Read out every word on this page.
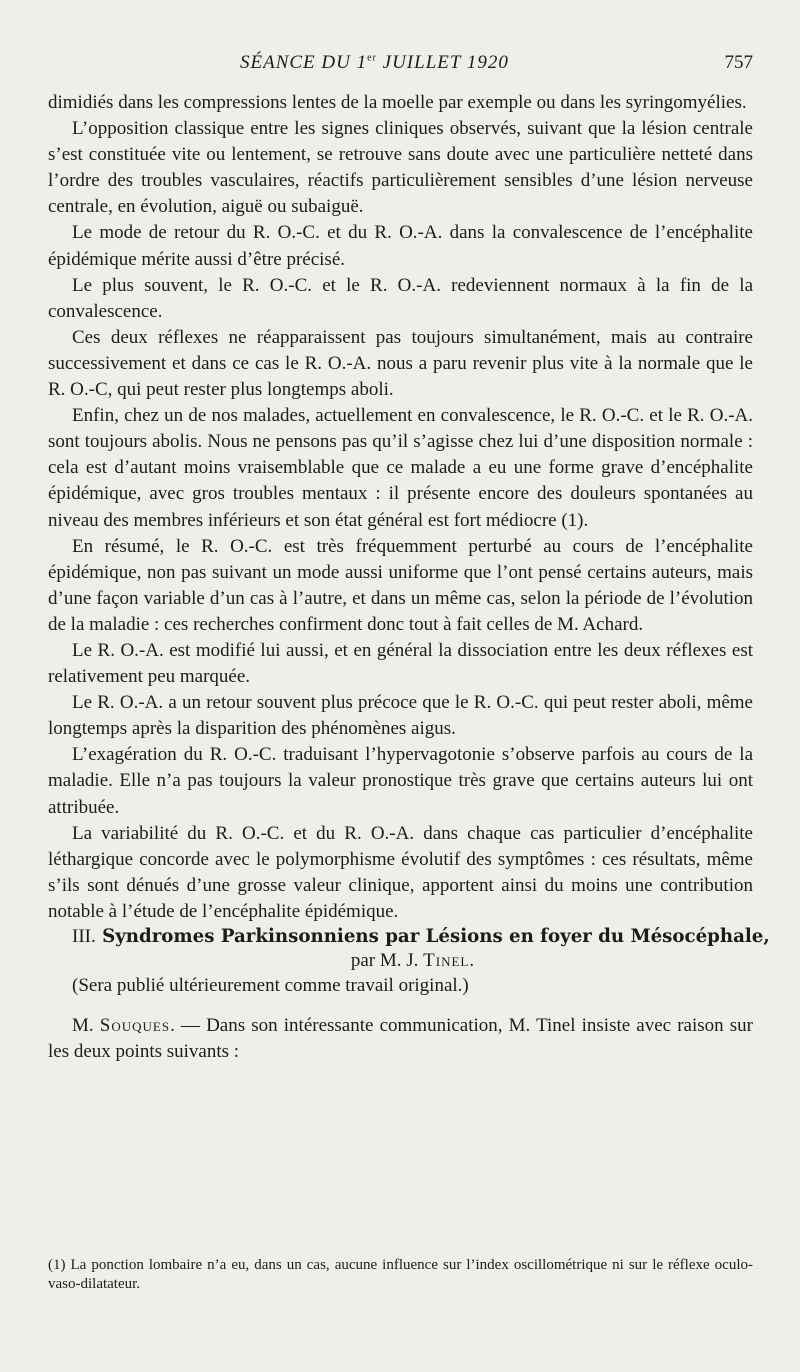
SÉANCE DU 1er JUILLET 1920	757

dimidiés dans les compressions lentes de la moelle par exemple ou dans les syringomyélies.

L’opposition classique entre les signes cliniques observés, suivant que la lésion centrale s’est constituée vite ou lentement, se retrouve sans doute avec une particulière netteté dans l’ordre des troubles vasculaires, réactifs particulièrement sensibles d’une lésion nerveuse centrale, en évolution, aiguë ou subaiguë.

Le mode de retour du R. O.-C. et du R. O.-A. dans la convalescence de l’encéphalite épidémique mérite aussi d’être précisé.

Le plus souvent, le R. O.-C. et le R. O.-A. redeviennent normaux à la fin de la convalescence.

Ces deux réflexes ne réapparaissent pas toujours simultanément, mais au contraire successivement et dans ce cas le R. O.-A. nous a paru revenir plus vite à la normale que le R. O.-C, qui peut rester plus longtemps aboli.

Enfin, chez un de nos malades, actuellement en convalescence, le R. O.-C. et le R. O.-A. sont toujours abolis. Nous ne pensons pas qu’il s’agisse chez lui d’une disposition normale : cela est d’autant moins vraisemblable que ce malade a eu une forme grave d’encéphalite épidémique, avec gros troubles mentaux : il présente encore des douleurs spontanées au niveau des membres inférieurs et son état général est fort médiocre (1).

En résumé, le R. O.-C. est très fréquemment perturbé au cours de l’encéphalite épidémique, non pas suivant un mode aussi uniforme que l’ont pensé certains auteurs, mais d’une façon variable d’un cas à l’autre, et dans un même cas, selon la période de l’évolution de la maladie : ces recherches confirment donc tout à fait celles de M. Achard.

Le R. O.-A. est modifié lui aussi, et en général la dissociation entre les deux réflexes est relativement peu marquée.

Le R. O.-A. a un retour souvent plus précoce que le R. O.-C. qui peut rester aboli, même longtemps après la disparition des phénomènes aigus.

L’exagération du R. O.-C. traduisant l’hypervagotonie s’observe parfois au cours de la maladie. Elle n’a pas toujours la valeur pronostique très grave que certains auteurs lui ont attribuée.

La variabilité du R. O.-C. et du R. O.-A. dans chaque cas particulier d’encéphalite léthargique concorde avec le polymorphisme évolutif des symptômes : ces résultats, même s’ils sont dénués d’une grosse valeur clinique, apportent ainsi du moins une contribution notable à l’étude de l’encéphalite épidémique.

III. Syndromes Parkinsonniens par Lésions en foyer du Mésocéphale,

par M. J. Tinel.

(Sera publié ultérieurement comme travail original.)

M. Souques. — Dans son intéressante communication, M. Tinel insiste avec raison sur les deux points suivants :

(1) La ponction lombaire n’a eu, dans un cas, aucune influence sur l’index oscillométrique ni sur le réflexe oculo-vaso-dilatateur.
